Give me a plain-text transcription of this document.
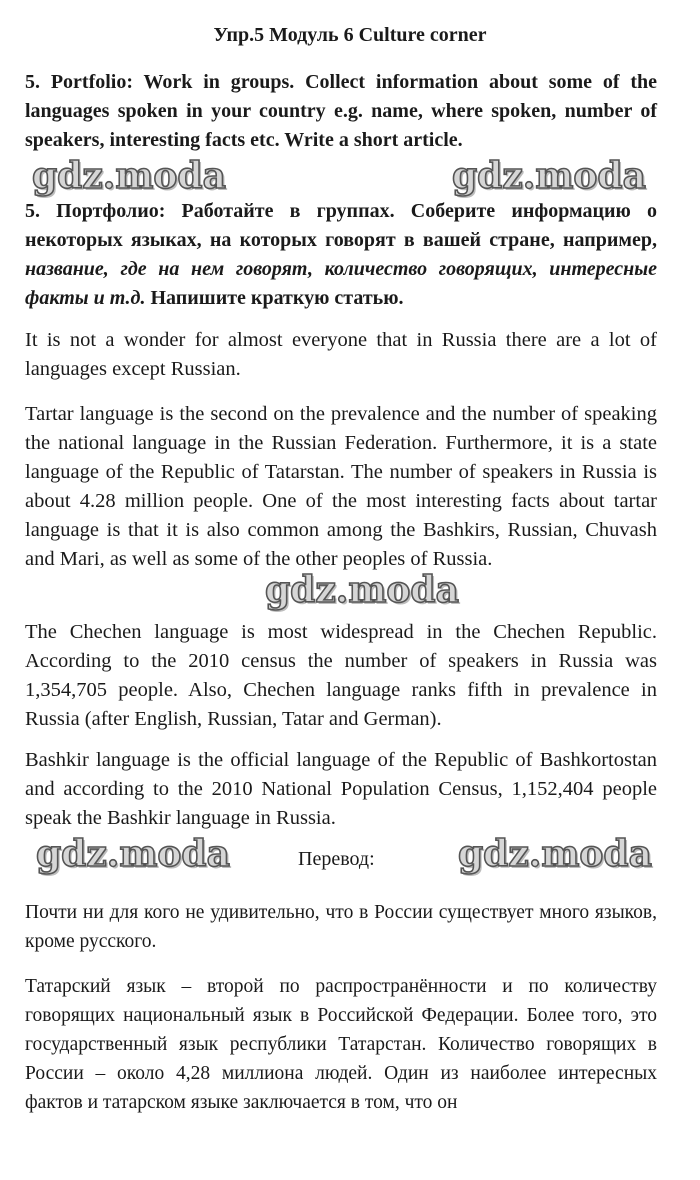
Упр.5 Модуль 6 Culture corner

5. Portfolio: Work in groups. Collect information about some of the languages spoken in your country e.g. name, where spoken, number of speakers, interesting facts etc. Write a short article.

gdz.moda	gdz.moda

5. Портфолио: Работайте в группах. Соберите информацию о некоторых языках, на которых говорят в вашей стране, например, название, где на нем говорят, количество говорящих, интересные факты и т.д. Напишите краткую статью.

It is not a wonder for almost everyone that in Russia there are a lot of languages except Russian.

Tartar language is the second on the prevalence and the number of speaking the national language in the Russian Federation. Furthermore, it is a state language of the Republic of Tatarstan. The number of speakers in Russia is about 4.28 million people. One of the most interesting facts about tartar language is that it is also common among the Bashkirs, Russian, Chuvash and Mari, as well as some of the other peoples of Russia.

gdz.moda

The Chechen language is most widespread in the Chechen Republic. According to the 2010 census the number of speakers in Russia was 1,354,705 people. Also, Chechen language ranks fifth in prevalence in Russia (after English, Russian, Tatar and German).

Bashkir language is the official language of the Republic of Bashkortostan and according to the 2010 National Population Census, 1,152,404 people speak the Bashkir language in Russia.

gdz.moda	Перевод: gdz.moda

Почти ни для кого не удивительно, что в России существует много языков, кроме русского.

Татарский язык – второй по распространённости и по количеству говорящих национальный язык в Российской Федерации. Более того, это государственный язык республики Татарстан. Количество говорящих в России – около 4,28 миллиона людей. Один из наиболее интересных фактов и татарском языке заключается в том, что он
